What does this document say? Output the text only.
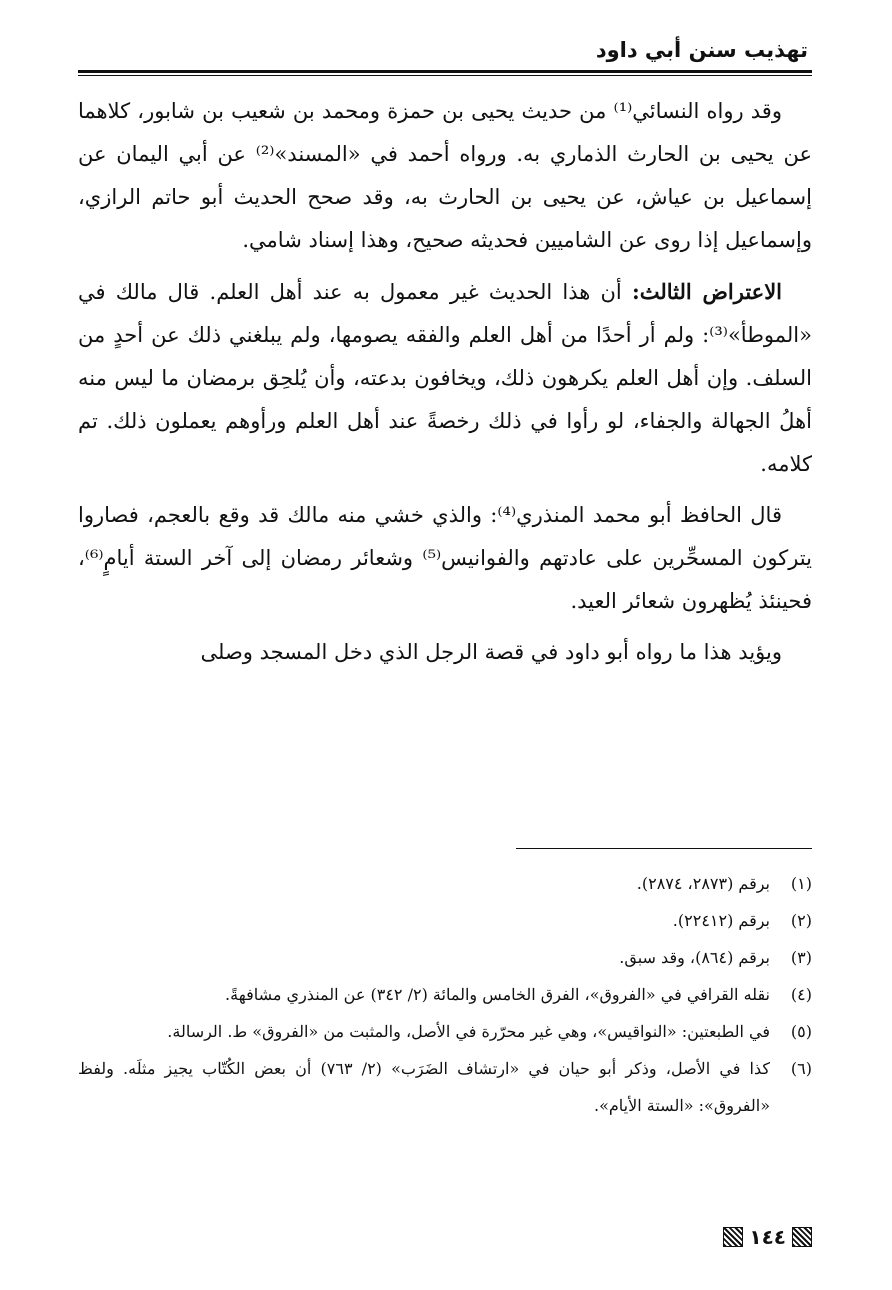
تهذيب سنن أبي داود

وقد رواه النسائي⁽¹⁾ من حديث يحيى بن حمزة ومحمد بن شعيب بن شابور، كلاهما عن يحيى بن الحارث الذماري به. ورواه أحمد في «المسند»⁽²⁾ عن أبي اليمان عن إسماعيل بن عياش، عن يحيى بن الحارث به، وقد صحح الحديث أبو حاتم الرازي، وإسماعيل إذا روى عن الشاميين فحديثه صحيح، وهذا إسناد شامي.

الاعتراض الثالث: أن هذا الحديث غير معمول به عند أهل العلم. قال مالك في «الموطأ»⁽³⁾: ولم أر أحدًا من أهل العلم والفقه يصومها، ولم يبلغني ذلك عن أحدٍ من السلف. وإن أهل العلم يكرهون ذلك، ويخافون بدعته، وأن يُلحِق برمضان ما ليس منه أهلُ الجهالة والجفاء، لو رأوا في ذلك رخصةً عند أهل العلم ورأوهم يعملون ذلك. تم كلامه.

قال الحافظ أبو محمد المنذري⁽⁴⁾: والذي خشي منه مالك قد وقع بالعجم، فصاروا يتركون المسحِّرين على عادتهم والفوانيس⁽⁵⁾ وشعائر رمضان إلى آخر الستة أيامٍ⁽⁶⁾، فحينئذ يُظهرون شعائر العيد.

ويؤيد هذا ما رواه أبو داود في قصة الرجل الذي دخل المسجد وصلى

(١)
برقم (٢٨٧٣، ٢٨٧٤).
(٢)
برقم (٢٢٤١٢).
(٣)
برقم (٨٦٤)، وقد سبق.
(٤)
نقله القرافي في «الفروق»، الفرق الخامس والمائة (٢/ ٣٤٢) عن المنذري مشافهةً.
(٥)
في الطبعتين: «النواقيس»، وهي غير محرّرة في الأصل، والمثبت من «الفروق» ط. الرسالة.
(٦)
كذا في الأصل، وذكر أبو حيان في «ارتشاف الضَرَب» (٢/ ٧٦٣) أن بعض الكُتّاب يجيز مثلَه. ولفظ «الفروق»: «الستة الأيام».
١٤٤
